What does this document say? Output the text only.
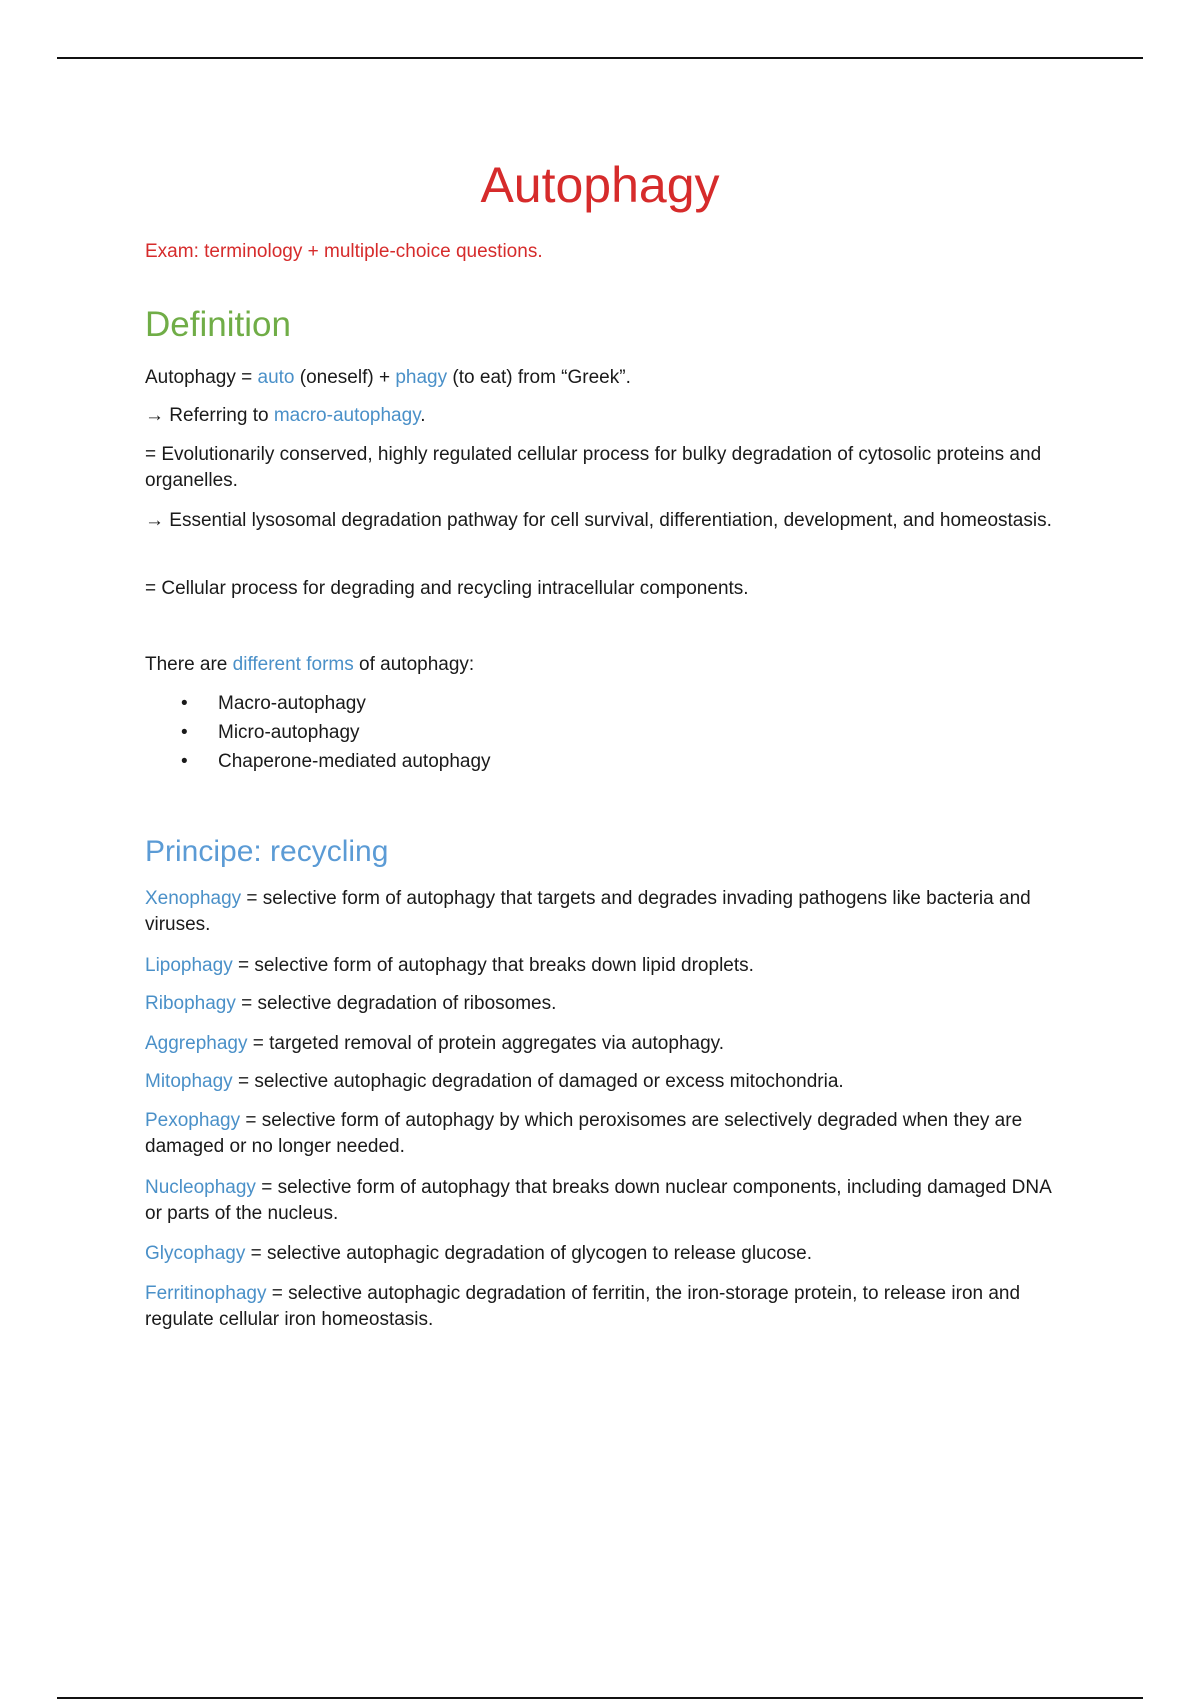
Autophagy
Exam: terminology + multiple-choice questions.
Definition
Autophagy = auto (oneself) + phagy (to eat) from “Greek”.
→ Referring to macro-autophagy.
= Evolutionarily conserved, highly regulated cellular process for bulky degradation of cytosolic proteins and organelles.
→ Essential lysosomal degradation pathway for cell survival, differentiation, development, and homeostasis.
= Cellular process for degrading and recycling intracellular components.
There are different forms of autophagy:
• Macro-autophagy
• Micro-autophagy
• Chaperone-mediated autophagy
Principe: recycling
Xenophagy = selective form of autophagy that targets and degrades invading pathogens like bacteria and viruses.
Lipophagy = selective form of autophagy that breaks down lipid droplets.
Ribophagy = selective degradation of ribosomes.
Aggrephagy = targeted removal of protein aggregates via autophagy.
Mitophagy = selective autophagic degradation of damaged or excess mitochondria.
Pexophagy = selective form of autophagy by which peroxisomes are selectively degraded when they are damaged or no longer needed.
Nucleophagy = selective form of autophagy that breaks down nuclear components, including damaged DNA or parts of the nucleus.
Glycophagy = selective autophagic degradation of glycogen to release glucose.
Ferritinophagy = selective autophagic degradation of ferritin, the iron-storage protein, to release iron and regulate cellular iron homeostasis.
